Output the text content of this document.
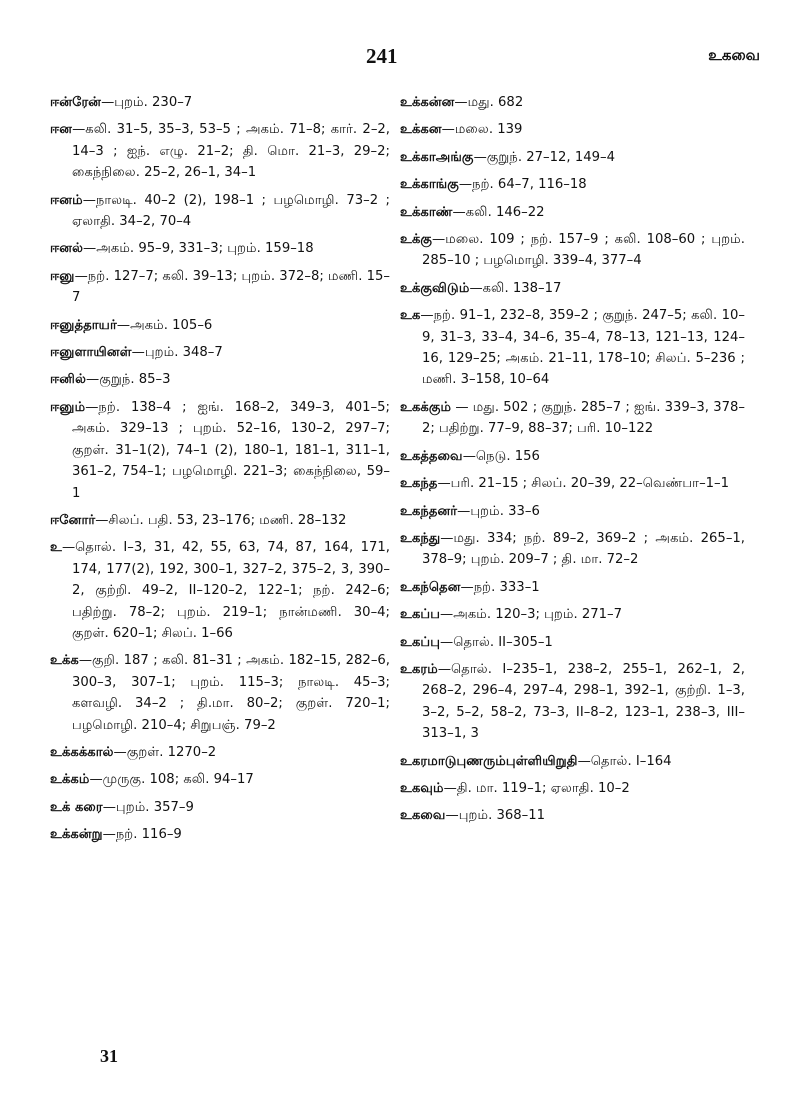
241	உகவை

ஈன்ரேன்—புறம். 230–7

ஈன—கலி. 31–5, 35–3, 53–5 ; அகம். 71–8; கார். 2–2, 14–3 ; ஐந். எழு. 21–2; தி. மொ. 21–3, 29–2; கைந்நிலை. 25–2, 26–1, 34–1

ஈனம்—நாலடி. 40–2 (2), 198–1 ; பழமொழி. 73–2 ; ஏலாதி. 34–2, 70–4

ஈனல்—அகம். 95–9, 331–3; புறம். 159–18

ஈனு—நற். 127–7; கலி. 39–13; புறம். 372–8; மணி. 15–7

ஈனுத்தாயர்—அகம். 105–6

ஈனுளாயினள்—புறம். 348–7

ஈனில்—குறுந். 85–3

ஈனும்—நற். 138–4 ; ஐங். 168–2, 349–3, 401–5; அகம். 329–13 ; புறம். 52–16, 130–2, 297–7; குறள். 31–1(2), 74–1 (2), 180–1, 181–1, 311–1, 361–2, 754–1; பழமொழி. 221–3; கைந்நிலை, 59–1

ஈனோர்—சிலப். பதி. 53, 23–176; மணி. 28–132

உ—தொல். I–3, 31, 42, 55, 63, 74, 87, 164, 171, 174, 177(2), 192, 300–1, 327–2, 375–2, 3, 390–2, குற்றி. 49–2, II–120–2, 122–1; நற். 242–6; பதிற்று. 78–2; புறம். 219–1; நான்மணி. 30–4; குறள். 620–1; சிலப். 1–66

உக்க—குறி. 187 ; கலி. 81–31 ; அகம். 182–15, 282–6, 300–3, 307–1; புறம். 115–3; நாலடி. 45–3; களவழி. 34–2 ; தி.மா. 80–2; குறள். 720–1; பழமொழி. 210–4; சிறுபஞ். 79–2

உக்கக்கால்—குறள். 1270–2

உக்கம்—முருகு. 108; கலி. 94–17

உக் கரை—புறம். 357–9

உக்கன்று—நற். 116–9

உக்கன்ன—மது. 682

உக்கன—மலை. 139

உக்காஅங்கு—குறுந். 27–12, 149–4

உக்காங்கு—நற். 64–7, 116–18

உக்காண்—கலி. 146–22

உக்கு—மலை. 109 ; நற். 157–9 ; கலி. 108–60 ; புறம். 285–10 ; பழமொழி. 339–4, 377–4

உக்குவிடும்—கலி. 138–17

உக—நற். 91–1, 232–8, 359–2 ; குறுந். 247–5; கலி. 10–9, 31–3, 33–4, 34–6, 35–4, 78–13, 121–13, 124–16, 129–25; அகம். 21–11, 178–10; சிலப். 5–236 ; மணி. 3–158, 10–64

உகக்கும் — மது. 502 ; குறுந். 285–7 ; ஐங். 339–3, 378–2; பதிற்று. 77–9, 88–37; பரி. 10–122

உகத்தவை—நெடு. 156

உகந்த—பரி. 21–15 ; சிலப். 20–39, 22–வெண்பா–1–1

உகந்தனர்—புறம். 33–6

உகந்து—மது. 334; நற். 89–2, 369–2 ; அகம். 265–1, 378–9; புறம். 209–7 ; தி. மா. 72–2

உகந்தென—நற். 333–1

உகப்ப—அகம். 120–3; புறம். 271–7

உகப்பு—தொல். II–305–1

உகரம்—தொல். I–235–1, 238–2, 255–1, 262–1, 2, 268–2, 296–4, 297–4, 298–1, 392–1, குற்றி. 1–3, 3–2, 5–2, 58–2, 73–3, II–8–2, 123–1, 238–3, III–313–1, 3

உகரமாடுபுணரும்புள்ளியிறுதி—தொல். I–164

உகவும்—தி. மா. 119–1; ஏலாதி. 10–2

உகவை—புறம். 368–11

31
